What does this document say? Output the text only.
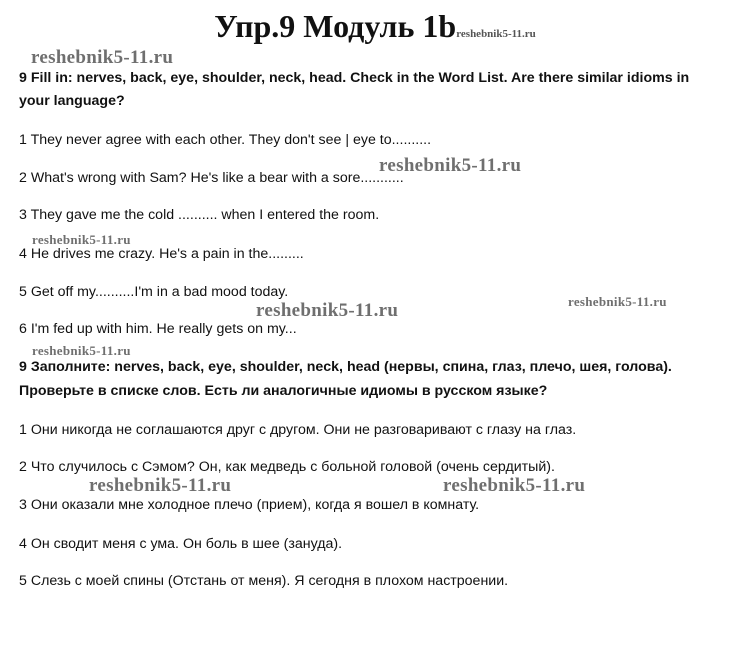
Упр.9 Модуль 1breshebnik5-11.ru
9 Fill in: nerves, back, eye, shoulder, neck, head. Check in the Word List. Are there similar idioms in
your language?
1 They never agree with each other. They don't see | eye to..........
2 What's wrong with Sam? He's like a bear with a sore...........
3 They gave me the cold .......... when I entered the room.
4 He drives me crazy. He's a pain in the.........
5 Get off my..........I'm in a bad mood today.
6 I'm fed up with him. He really gets on my...
9 Заполните: nerves, back, eye, shoulder, neck, head (нервы, спина, глаз, плечо, шея, голова).
Проверьте в списке слов. Есть ли аналогичные идиомы в русском языке?
1 Они никогда не соглашаются друг с другом. Они не разговаривают с глазу на глаз.
2 Что случилось с Сэмом? Он, как медведь с больной головой (очень сердитый).
3 Они оказали мне холодное плечо (прием), когда я вошел в комнату.
4 Он сводит меня с ума. Он боль в шее (зануда).
5 Слезь с моей спины (Отстань от меня). Я сегодня в плохом настроении.
reshebnik5-11.ru
reshebnik5-11.ru
reshebnik5-11.ru
reshebnik5-11.ru	reshebnik5-11.ru
reshebnik5-11.ru
reshebnik5-11.ru	reshebnik5-11.ru
